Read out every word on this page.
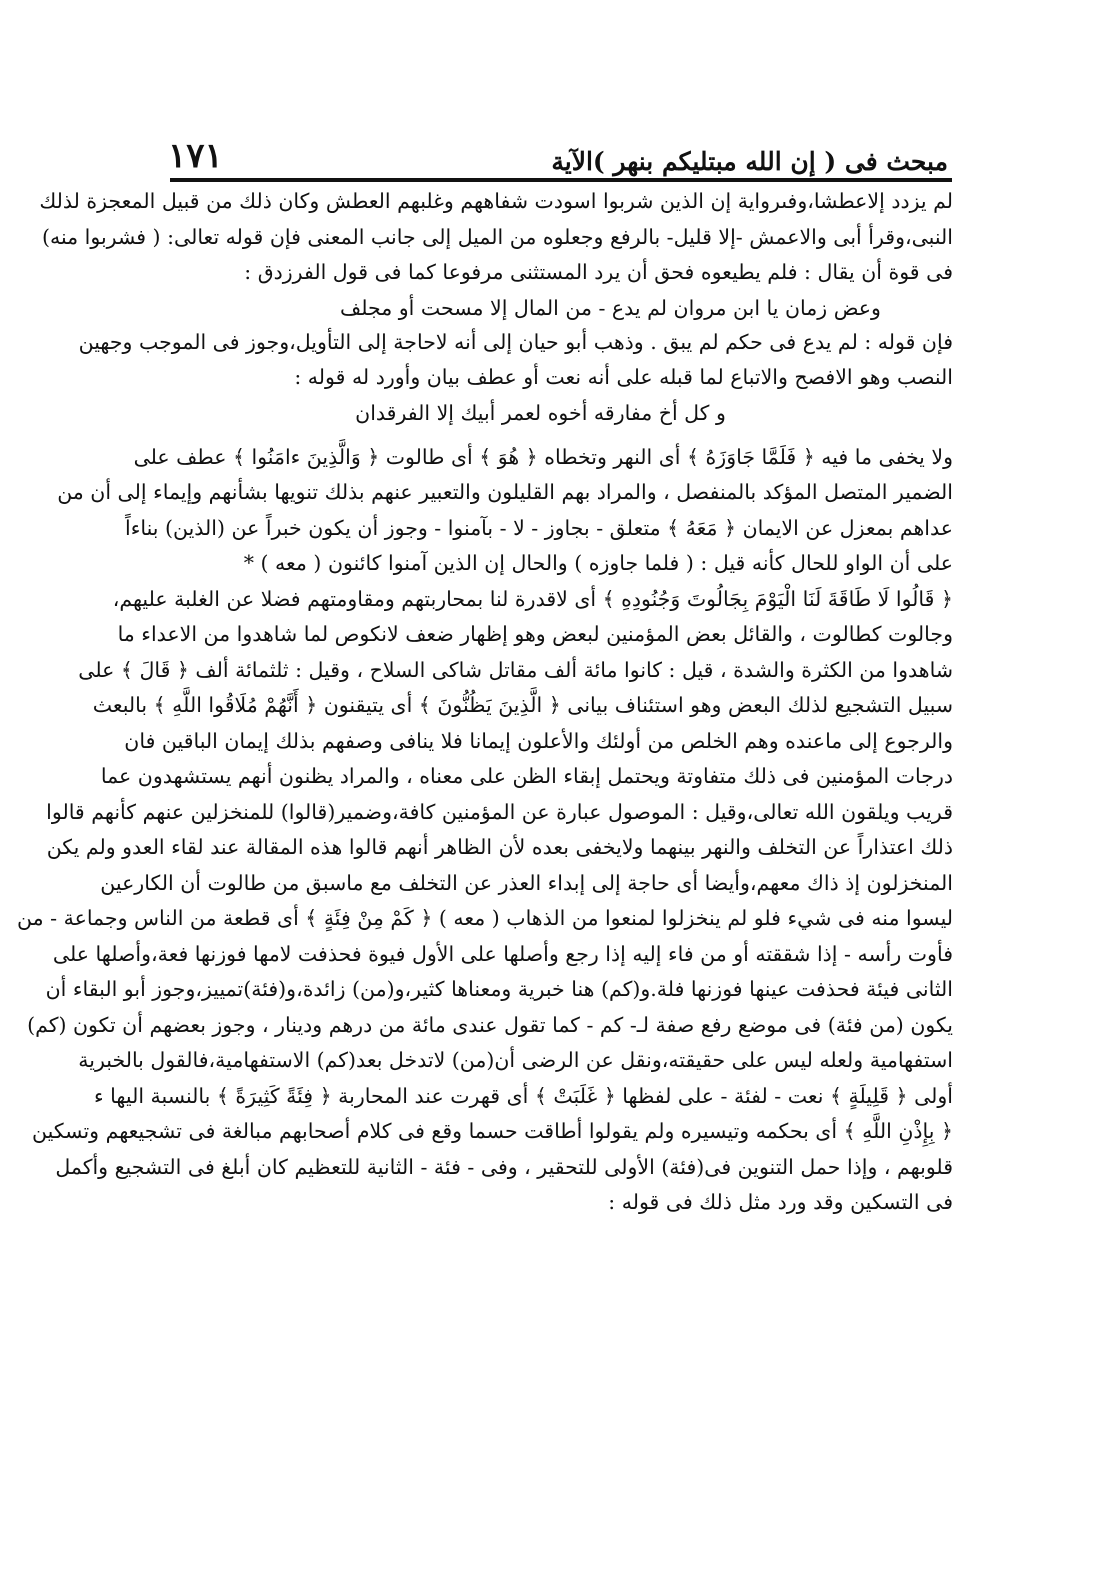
مبحث فى ( إن الله مبتليكم بنهر )الآية
١٧١
لم يزدد إلاعطشا،وفىرواية إن الذين شربوا اسودت شفاههم وغلبهم العطش وكان ذلك من قبيل المعجزة لذلك
النبى،وقرأ أبى والاعمش -إلا قليل- بالرفع وجعلوه من الميل إلى جانب المعنى فإن قوله تعالى: ( فشربوا منه)
فى قوة أن يقال : فلم يطيعوه فحق أن يرد المستثنى مرفوعا كما فى قول الفرزدق :
وعض زمان يا ابن مروان لم يدع - من المال إلا مسحت أو مجلف
فإن قوله : لم يدع فى حكم لم يبق . وذهب أبو حيان إلى أنه لاحاجة إلى التأويل،وجوز فى الموجب وجهين
النصب وهو الافصح والاتباع لما قبله على أنه نعت أو عطف بيان وأورد له قوله :
و كل أخ مفارقه أخوه لعمر أبيك إلا الفرقدان
ولا يخفى ما فيه ﴿ فَلَمَّا جَاوَزَهُ ﴾ أى النهر وتخطاه ﴿ هُوَ ﴾ أى طالوت ﴿ وَالَّذِينَ ءامَنُوا ﴾ عطف على
الضمير المتصل المؤكد بالمنفصل ، والمراد بهم القليلون والتعبير عنهم بذلك تنويها بشأنهم وإيماء إلى أن من
عداهم بمعزل عن الايمان ﴿ مَعَهُ ﴾ متعلق - بجاوز - لا - بآمنوا - وجوز أن يكون خبراً عن (الذين) بناءاً
على أن الواو للحال كأنه قيل : ( فلما جاوزه ) والحال إن الذين آمنوا كائنون ( معه ) *
﴿ قَالُوا لَا طَاقَةَ لَنَا الْيَوْمَ بِجَالُوتَ وَجُنُودِهِ ﴾ أى لاقدرة لنا بمحاربتهم ومقاومتهم فضلا عن الغلبة عليهم،
وجالوت كطالوت ، والقائل بعض المؤمنين لبعض وهو إظهار ضعف لانكوص لما شاهدوا من الاعداء ما
شاهدوا من الكثرة والشدة ، قيل : كانوا مائة ألف مقاتل شاكى السلاح ، وقيل : ثلثمائة ألف ﴿ قَالَ ﴾ على
سبيل التشجيع لذلك البعض وهو استئناف بيانى ﴿ الَّذِينَ يَظُنُّونَ ﴾ أى يتيقنون ﴿ أَنَّهُمْ مُلَاقُوا اللَّهِ ﴾ بالبعث
والرجوع إلى ماعنده وهم الخلص من أولئك والأعلون إيمانا فلا ينافى وصفهم بذلك إيمان الباقين فان
درجات المؤمنين فى ذلك متفاوتة ويحتمل إبقاء الظن على معناه ، والمراد يظنون أنهم يستشهدون عما
قريب ويلقون الله تعالى،وقيل : الموصول عبارة عن المؤمنين كافة،وضمير(قالوا) للمنخزلين عنهم كأنهم قالوا
ذلك اعتذاراً عن التخلف والنهر بينهما ولايخفى بعده لأن الظاهر أنهم قالوا هذه المقالة عند لقاء العدو ولم يكن
المنخزلون إذ ذاك معهم،وأيضا أى حاجة إلى إبداء العذر عن التخلف مع ماسبق من طالوت أن الكارعين
ليسوا منه فى شيء فلو لم ينخزلوا لمنعوا من الذهاب ( معه ) ﴿ كَمْ مِنْ فِئَةٍ ﴾ أى قطعة من الناس وجماعة - من
فأوت رأسه - إذا شققته أو من فاء إليه إذا رجع وأصلها على الأول فيوة فحذفت لامها فوزنها فعة،وأصلها على
الثانى فيئة فحذفت عينها فوزنها فلة.و(كم) هنا خبرية ومعناها كثير،و(من) زائدة،و(فئة)تمييز،وجوز أبو البقاء أن
يكون (من فئة) فى موضع رفع صفة لـ- كم - كما تقول عندى مائة من درهم ودينار ، وجوز بعضهم أن تكون (كم)
استفهامية ولعله ليس على حقيقته،ونقل عن الرضى أن(من) لاتدخل بعد(كم) الاستفهامية،فالقول بالخبرية
أولى ﴿ قَلِيلَةٍ ﴾ نعت - لفئة - على لفظها ﴿ غَلَبَتْ ﴾ أى قهرت عند المحاربة ﴿ فِئَةً كَثِيرَةً ﴾ بالنسبة اليها ء
﴿ بِإِذْنِ اللَّهِ ﴾ أى بحكمه وتيسيره ولم يقولوا أطاقت حسما وقع فى كلام أصحابهم مبالغة فى تشجيعهم وتسكين
قلوبهم ، وإذا حمل التنوين فى(فئة) الأولى للتحقير ، وفى - فئة - الثانية للتعظيم كان أبلغ فى التشجيع وأكمل
فى التسكين وقد ورد مثل ذلك فى قوله :
